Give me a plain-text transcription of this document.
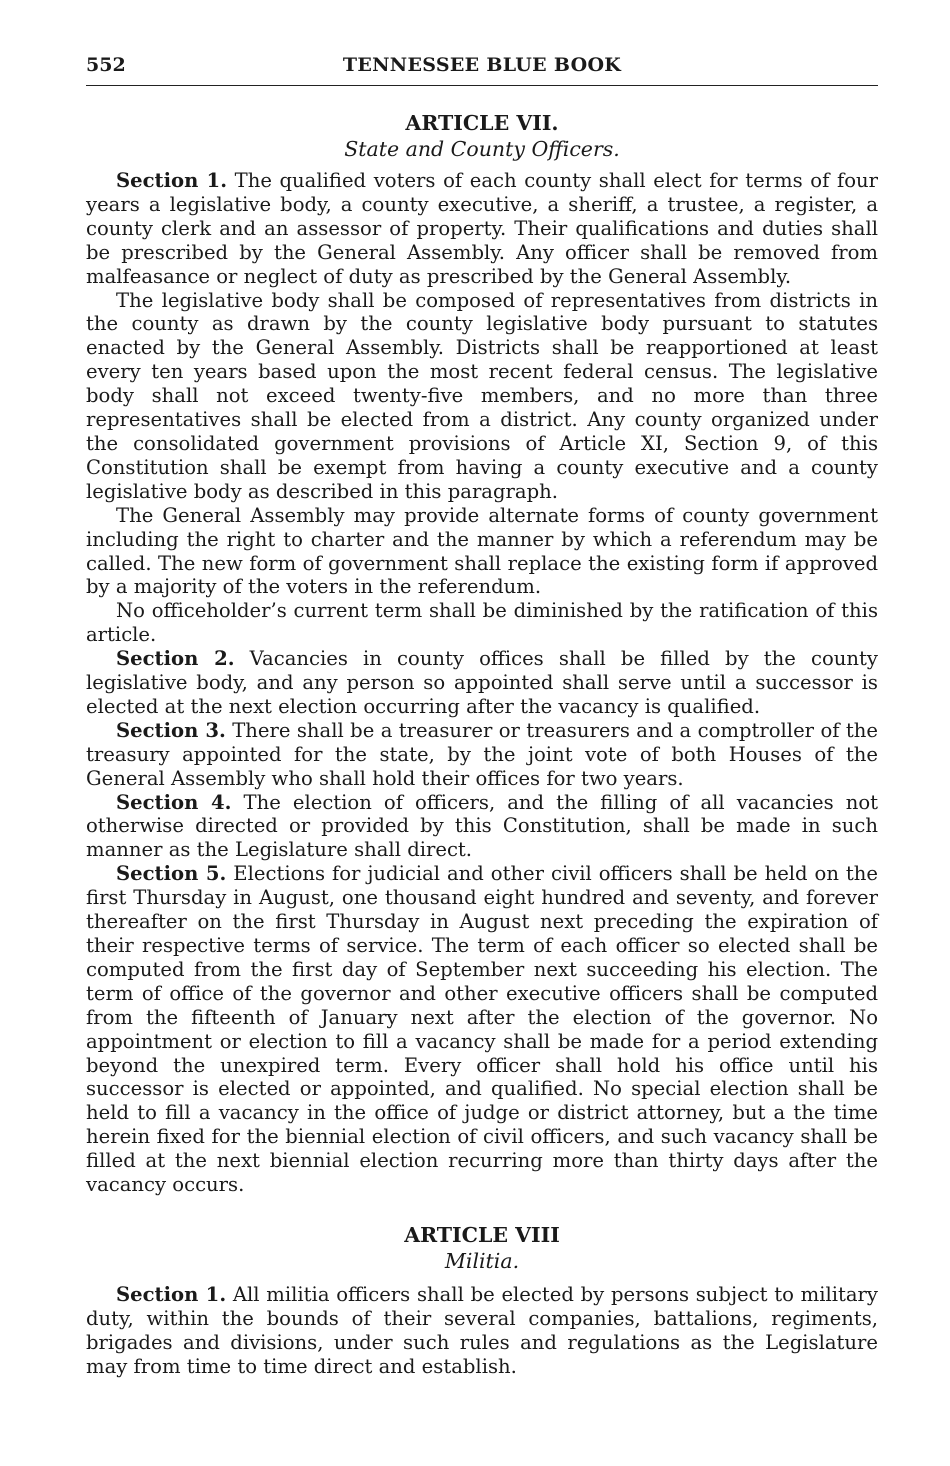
552	TENNESSEE BLUE BOOK
ARTICLE VII.
State and County Officers.

Section 1. The qualified voters of each county shall elect for terms of four years a legislative body, a county executive, a sheriff, a trustee, a register, a county clerk and an assessor of property. Their qualifications and duties shall be prescribed by the General Assembly. Any officer shall be removed from malfeasance or neglect of duty as prescribed by the General Assembly.

The legislative body shall be composed of representatives from districts in the county as drawn by the county legislative body pursuant to statutes enacted by the General Assembly. Districts shall be reapportioned at least every ten years based upon the most recent federal census. The legislative body shall not exceed twenty-five members, and no more than three representatives shall be elected from a district. Any county organized under the consolidated government provisions of Article XI, Section 9, of this Constitution shall be exempt from having a county executive and a county legislative body as described in this paragraph.

The General Assembly may provide alternate forms of county government including the right to charter and the manner by which a referendum may be called. The new form of government shall replace the existing form if approved by a majority of the voters in the referendum.

No officeholder’s current term shall be diminished by the ratification of this article.

Section 2. Vacancies in county offices shall be filled by the county legislative body, and any person so appointed shall serve until a successor is elected at the next election occurring after the vacancy is qualified.

Section 3. There shall be a treasurer or treasurers and a comptroller of the treasury appointed for the state, by the joint vote of both Houses of the General Assembly who shall hold their offices for two years.

Section 4. The election of officers, and the filling of all vacancies not otherwise directed or provided by this Constitution, shall be made in such manner as the Legislature shall direct.

Section 5. Elections for judicial and other civil officers shall be held on the first Thursday in August, one thousand eight hundred and seventy, and forever thereafter on the first Thursday in August next preceding the expiration of their respective terms of service. The term of each officer so elected shall be computed from the first day of September next succeeding his election. The term of office of the governor and other executive officers shall be computed from the fifteenth of January next after the election of the governor. No appointment or election to fill a vacancy shall be made for a period extending beyond the unexpired term. Every officer shall hold his office until his successor is elected or appointed, and qualified. No special election shall be held to fill a vacancy in the office of judge or district attorney, but a the time herein fixed for the biennial election of civil officers, and such vacancy shall be filled at the next biennial election recurring more than thirty days after the vacancy occurs.

ARTICLE VIII
Militia.

Section 1. All militia officers shall be elected by persons subject to military duty, within the bounds of their several companies, battalions, regiments, brigades and divisions, under such rules and regulations as the Legislature may from time to time direct and establish.
